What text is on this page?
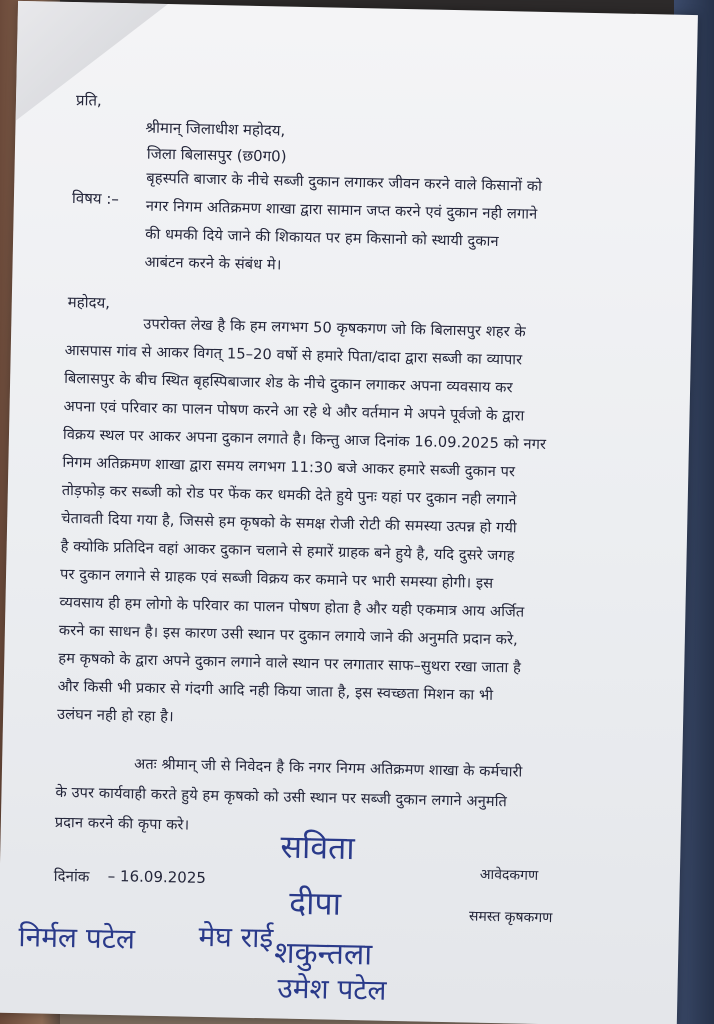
प्रति,
श्रीमान् जिलाधीश महोदय,
जिला बिलासपुर (छ0ग0)
विषय :–
बृहस्पति बाजार के नीचे सब्जी दुकान लगाकर जीवन करने वाले किसानों को
नगर निगम अतिक्रमण शाखा द्वारा सामान जप्त करने एवं दुकान नही लगाने
की धमकी दिये जाने की शिकायत पर हम किसानो को स्थायी दुकान
आबंटन करने के संबंध मे।
महोदय,
उपरोक्त लेख है कि हम लगभग 50 कृषकगण जो कि बिलासपुर शहर के
आसपास गांव से आकर विगत् 15–20 वर्षो से हमारे पिता/दादा द्वारा सब्जी का व्यापार
बिलासपुर के बीच स्थित बृहस्पिबाजार शेड के नीचे दुकान लगाकर अपना व्यवसाय कर
अपना एवं परिवार का पालन पोषण करने आ रहे थे और वर्तमान मे अपने पूर्वजो के द्वारा
विक्रय स्थल पर आकर अपना दुकान लगाते है। किन्तु आज दिनांक 16.09.2025 को नगर
निगम अतिक्रमण शाखा द्वारा समय लगभग 11:30 बजे आकर हमारे सब्जी दुकान पर
तोड़फोड़ कर सब्जी को रोड पर फेंक कर धमकी देते हुये पुनः यहां पर दुकान नही लगाने
चेतावती दिया गया है, जिससे हम कृषको के समक्ष रोजी रोटी की समस्या उत्पन्न हो गयी
है क्योकि प्रतिदिन वहां आकर दुकान चलाने से हमारें ग्राहक बने हुये है, यदि दुसरे जगह
पर दुकान लगाने से ग्राहक एवं सब्जी विक्रय कर कमाने पर भारी समस्या होगी। इस
व्यवसाय ही हम लोगो के परिवार का पालन पोषण होता है और यही एकमात्र आय अर्जित
करने का साधन है। इस कारण उसी स्थान पर दुकान लगाये जाने की अनुमति प्रदान करे,
हम कृषको के द्वारा अपने दुकान लगाने वाले स्थान पर लगातार साफ–सुथरा रखा जाता है
और किसी भी प्रकार से गंदगी आदि नही किया जाता है, इस स्वच्छता मिशन का भी
उलंघन नही हो रहा है।
अतः श्रीमान् जी से निवेदन है कि नगर निगम अतिक्रमण शाखा के कर्मचारी
के उपर कार्यवाही करते हुये हम कृषको को उसी स्थान पर सब्जी दुकान लगाने अनुमति
प्रदान करने की कृपा करे।
दिनांक – 16.09.2025	आवेदकगण
समस्त कृषकगण
सविता
दीपा
निर्मल पटेल मेघ राई शकुन्तला
उमेश पटेल
